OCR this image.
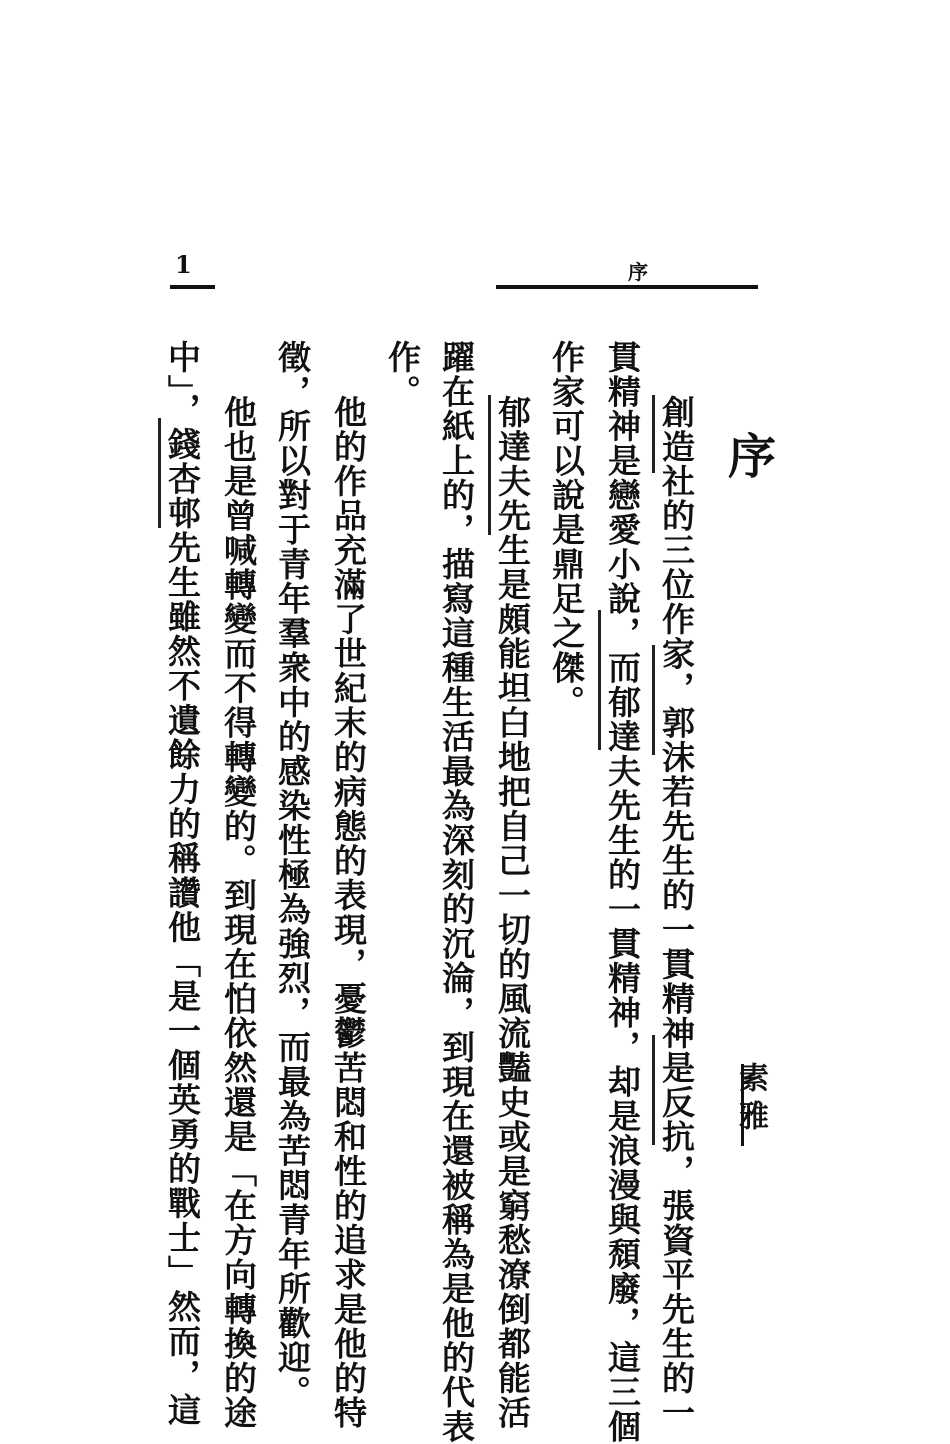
序
1
序
素雅
創造社的三位作家，郭沫若先生的一貫精神是反抗，張資平先生的一
貫精神是戀愛小說，而郁達夫先生的一貫精神，却是浪漫與頹廢，這三個
作家可以說是鼎足之傑。
郁達夫先生是頗能坦白地把自己一切的風流豔史或是窮愁潦倒都能活
躍在紙上的，描寫這種生活最為深刻的沉淪，到現在還被稱為是他的代表
作。
他的作品充滿了世紀末的病態的表現，憂鬱苦悶和性的追求是他的特
徵，所以對于青年羣衆中的感染性極為強烈，而最為苦悶青年所歡迎。
他也是曾喊轉變而不得轉變的。到現在怕依然還是「在方向轉換的途
中」，錢杏邨先生雖然不遺餘力的稱讚他「是一個英勇的戰士」然而，這
